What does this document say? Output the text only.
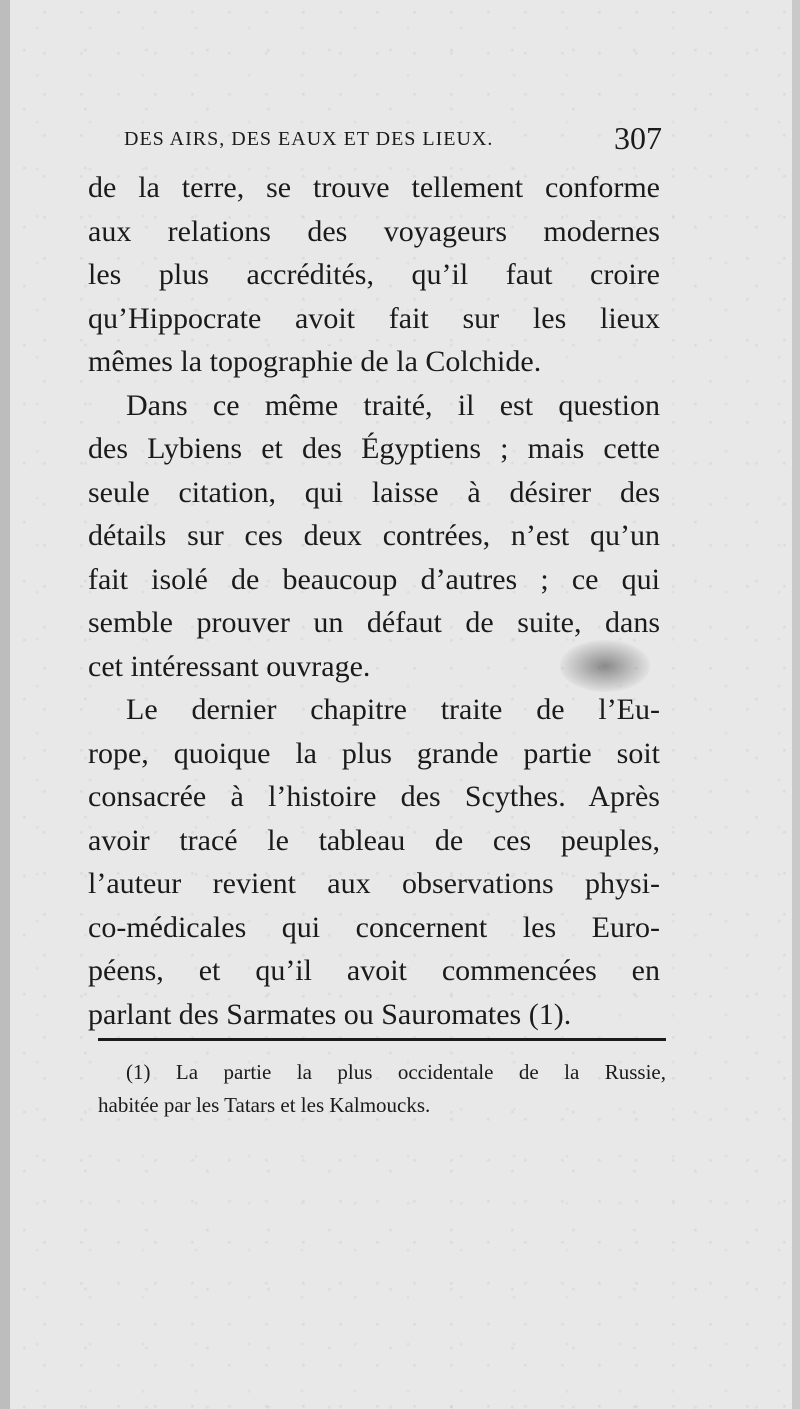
DES AIRS, DES EAUX ET DES LIEUX.	307

de la terre, se trouve tellement conforme
aux relations des voyageurs modernes
les plus accrédités, qu’il faut croire
qu’Hippocrate avoit fait sur les lieux
mêmes la topographie de la Colchide.

Dans ce même traité, il est question
des Lybiens et des Égyptiens ; mais cette
seule citation, qui laisse à désirer des
détails sur ces deux contrées, n’est qu’un
fait isolé de beaucoup d’autres ; ce qui
semble prouver un défaut de suite, dans
cet intéressant ouvrage.

Le dernier chapitre traite de l’Eu-
rope, quoique la plus grande partie soit
consacrée à l’histoire des Scythes. Après
avoir tracé le tableau de ces peuples,
l’auteur revient aux observations physi-
co-médicales qui concernent les Euro-
péens, et qu’il avoit commencées en
parlant des Sarmates ou Sauromates (1).

(1) La partie la plus occidentale de la Russie,
habitée par les Tatars et les Kalmoucks.
